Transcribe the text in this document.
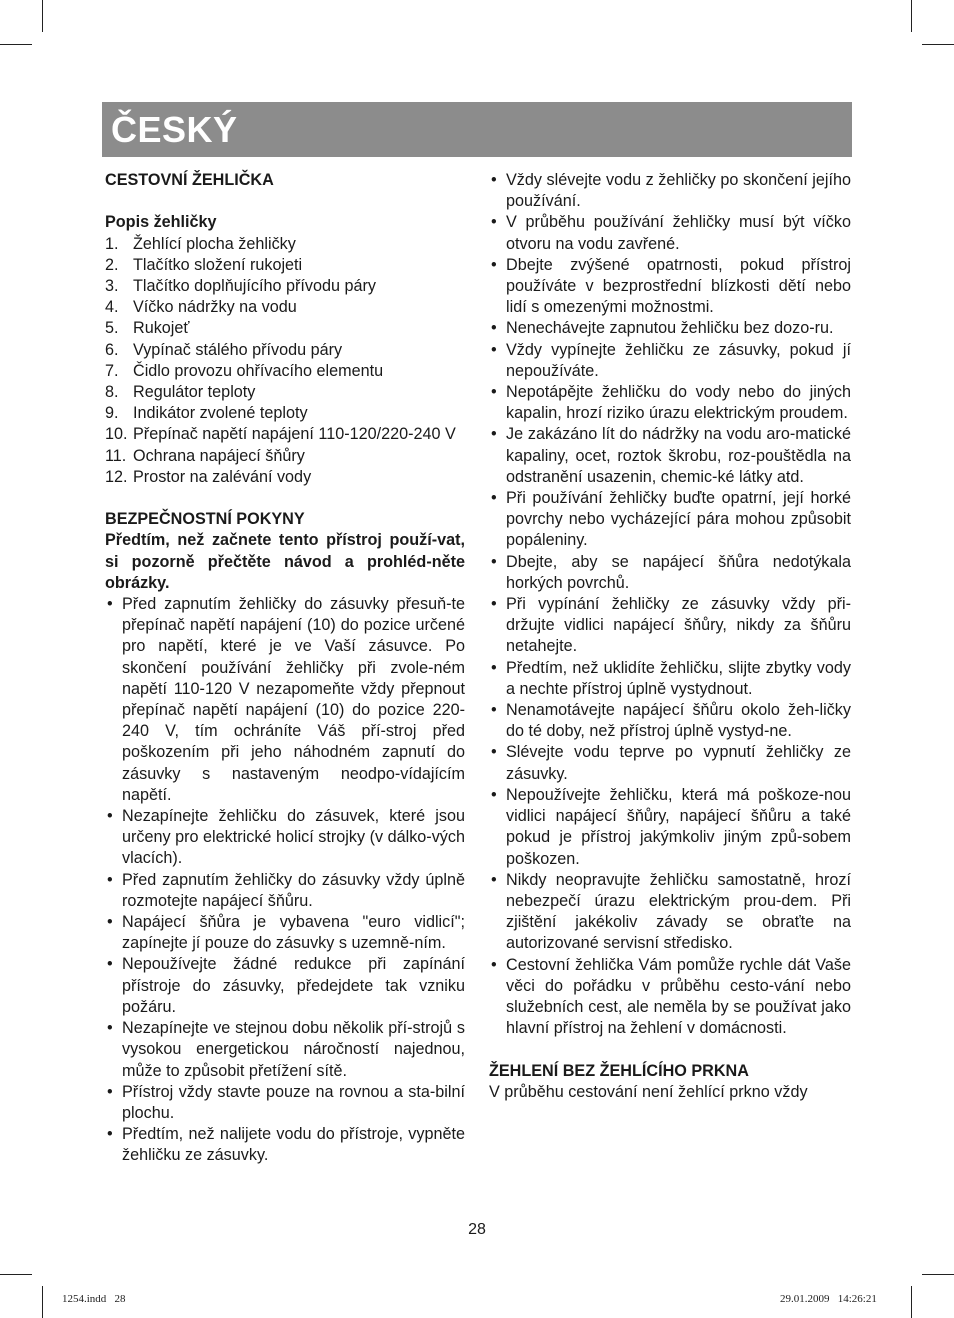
ČESKÝ

CESTOVNÍ ŽEHLIČKA

Popis žehličky

1. Žehlící plocha žehličky
2. Tlačítko složení rukojeti
3. Tlačítko doplňujícího přívodu páry
4. Víčko nádržky na vodu
5. Rukojeť
6. Vypínač stálého přívodu páry
7. Čidlo provozu ohřívacího elementu
8. Regulátor teploty
9. Indikátor zvolené teploty
10. Přepínač napětí napájení 110-120/220-240 V
11. Ochrana napájecí šňůry
12. Prostor na zalévání vody

BEZPEČNOSTNÍ POKYNY

Předtím, než začnete tento přístroj použí-vat, si pozorně přečtěte návod a prohléd-něte obrázky.

• Před zapnutím žehličky do zásuvky přesuň-te přepínač napětí napájení (10) do pozice určené pro napětí, které je ve Vaší zásuvce. Po skončení používání žehličky při zvole-ném napětí 110-120 V nezapomeňte vždy přepnout přepínač napětí napájení (10) do pozice 220-240 V, tím ochráníte Váš pří-stroj před poškozením při jeho náhodném zapnutí do zásuvky s nastaveným neodpo-vídajícím napětí.
• Nezapínejte žehličku do zásuvek, které jsou určeny pro elektrické holicí strojky (v dálko-vých vlacích).
• Před zapnutím žehličky do zásuvky vždy úplně rozmotejte napájecí šňůru.
• Napájecí šňůra je vybavena "euro vidlicí"; zapínejte jí pouze do zásuvky s uzemně-ním.
• Nepoužívejte žádné redukce při zapínání přístroje do zásuvky, předejdete tak vzniku požáru.
• Nezapínejte ve stejnou dobu několik pří-strojů s vysokou energetickou náročností najednou, může to způsobit přetížení sítě.
• Přístroj vždy stavte pouze na rovnou a sta-bilní plochu.
• Předtím, než nalijete vodu do přístroje, vypněte žehličku ze zásuvky.
• Vždy slévejte vodu z žehličky po skončení jejího používání.
• V průběhu používání žehličky musí být víčko otvoru na vodu zavřené.
• Dbejte zvýšené opatrnosti, pokud přístroj používáte v bezprostřední blízkosti dětí nebo lidí s omezenými možnostmi.
• Nenechávejte zapnutou žehličku bez dozo-ru.
• Vždy vypínejte žehličku ze zásuvky, pokud jí nepoužíváte.
• Nepotápějte žehličku do vody nebo do jiných kapalin, hrozí riziko úrazu elektrickým proudem.
• Je zakázáno lít do nádržky na vodu aro-matické kapaliny, ocet, roztok škrobu, roz-pouštědla na odstranění usazenin, chemic-ké látky atd.
• Při používání žehličky buďte opatrní, její horké povrchy nebo vycházející pára mohou způsobit popáleniny.
• Dbejte, aby se napájecí šňůra nedotýkala horkých povrchů.
• Při vypínání žehličky ze zásuvky vždy při-držujte vidlici napájecí šňůry, nikdy za šňůru netahejte.
• Předtím, než uklidíte žehličku, slijte zbytky vody a nechte přístroj úplně vystydnout.
• Nenamotávejte napájecí šňůru okolo žeh-ličky do té doby, než přístroj úplně vystyd-ne.
• Slévejte vodu teprve po vypnutí žehličky ze zásuvky.
• Nepoužívejte žehličku, která má poškoze-nou vidlici napájecí šňůry, napájecí šňůru a také pokud je přístroj jakýmkoliv jiným způ-sobem poškozen.
• Nikdy neopravujte žehličku samostatně, hrozí nebezpečí úrazu elektrickým prou-dem. Při zjištění jakékoliv závady se obraťte na autorizované servisní středisko.
• Cestovní žehlička Vám pomůže rychle dát Vaše věci do pořádku v průběhu cesto-vání nebo služebních cest, ale neměla by se používat jako hlavní přístroj na žehlení v domácnosti.

ŽEHLENÍ BEZ ŽEHLÍCÍHO PRKNA

V průběhu cestování není žehlící prkno vždy

28
1254.indd   28	29.01.2009   14:26:21
